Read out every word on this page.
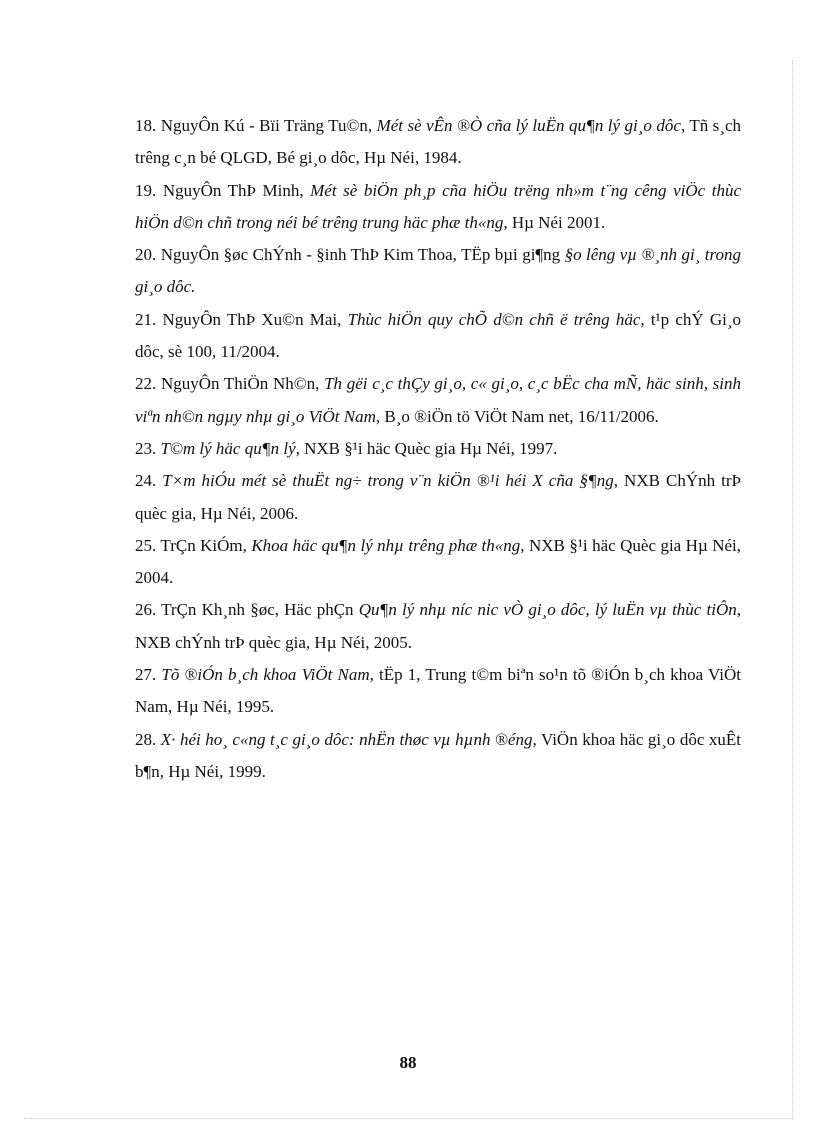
18. NguyÔn Kú - Bïi Träng Tu©n, Mét sè vÊn ®Ò cña lý luËn qu¶n lý gi¸o dôc, Tñ s¸ch trêng c¸n bé QLGD, Bé gi¸o dôc, Hµ Néi, 1984.
19. NguyÔn ThÞ Minh, Mét sè biÖn ph¸p cña hiÖu trëng nh»m t¨ng cêng viÖc thùc hiÖn d©n chñ trong néi bé trêng trung häc phæ th«ng, Hµ Néi 2001.
20. NguyÔn §øc ChÝnh - §inh ThÞ Kim Thoa, TËp bµi gi¶ng §o lêng vµ ®¸nh gi¸ trong gi¸o dôc.
21. NguyÔn ThÞ Xu©n Mai, Thùc hiÖn quy chÕ d©n chñ ë trêng häc, t¹p chÝ Gi¸o dôc, sè 100, 11/2004.
22. NguyÔn ThiÖn Nh©n, Th gëi c¸c thÇy gi¸o, c« gi¸o, c¸c bËc cha mÑ, häc sinh, sinh viªn nh©n ngµy nhµ gi¸o ViÖt Nam, B¸o ®iÖn tö ViÖt Nam net, 16/11/2006.
23. T©m lý häc qu¶n lý, NXB §¹i häc Quèc gia Hµ Néi, 1997.
24. T×m hiÓu mét sè thuËt ng÷ trong v¨n kiÖn ®¹i héi X cña §¶ng, NXB ChÝnh trÞ quèc gia, Hµ Néi, 2006.
25. TrÇn KiÓm, Khoa häc qu¶n lý nhµ trêng phæ th«ng, NXB §¹i häc Quèc gia Hµ Néi, 2004.
26. TrÇn Kh¸nh §øc, Häc phÇn Qu¶n lý nhµ níc nic vÒ gi¸o dôc, lý luËn vµ thùc tiÔn, NXB chÝnh trÞ quèc gia, Hµ Néi, 2005.
27. Tõ ®iÓn b¸ch khoa ViÖt Nam, tËp 1, Trung t©m biªn so¹n tõ ®iÓn b¸ch khoa ViÖt Nam, Hµ Néi, 1995.
28. X· héi ho¸ c«ng t¸c gi¸o dôc: nhËn thøc vµ hµnh ®éng, ViÖn khoa häc gi¸o dôc xuÊt b¶n, Hµ Néi, 1999.
88
